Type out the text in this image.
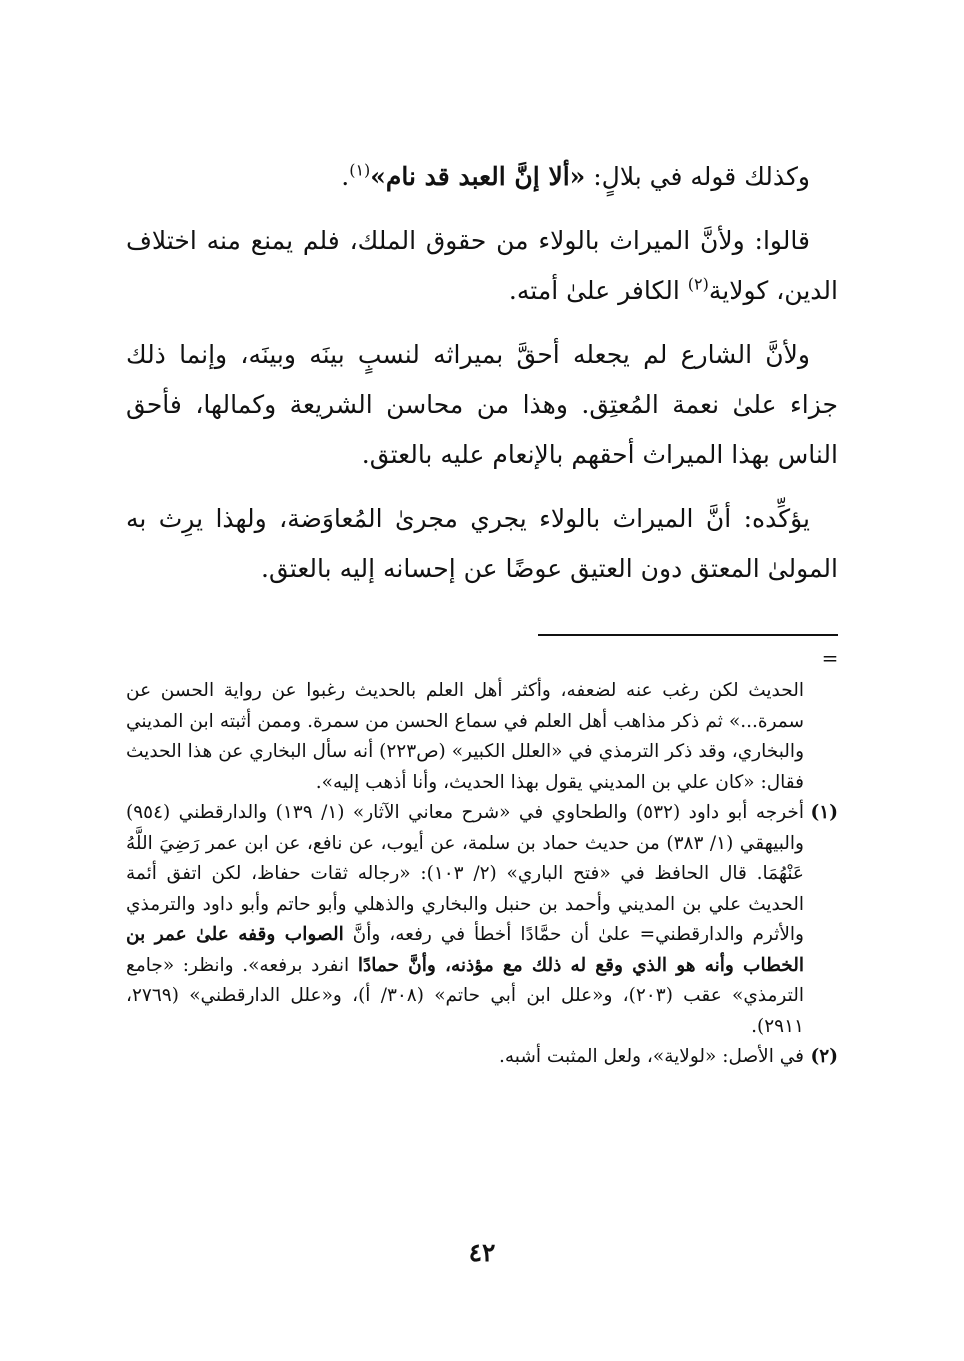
وكذلك قوله في بلالٍ: «ألا إنَّ العبد قد نام»$^{(١)}$.

قالوا: ولأنَّ الميراث بالولاء من حقوق الملك، فلم يمنع منه اختلاف الدين، كولاية$^{(٢)}$ الكافر علىٰ أمته.

ولأنَّ الشارع لم يجعله أحقَّ بميراثه لنسبٍ بينَه وبينَه، وإنما ذلك جزاء علىٰ نعمة المُعتِق. وهذا من محاسن الشريعة وكمالها، فأحق الناس بهذا الميراث أحقهم بالإنعام عليه بالعتق.

يؤكِّده: أنَّ الميراث بالولاء يجري مجرىٰ المُعاوَضة، ولهذا يرِث به المولىٰ المعتق دون العتيق عوضًا عن إحسانه إليه بالعتق.

=

الحديث لكن رغب عنه لضعفه، وأكثر أهل العلم بالحديث رغبوا عن رواية الحسن عن سمرة...» ثم ذكر مذاهب أهل العلم في سماع الحسن من سمرة. وممن أثبته ابن المديني والبخاري، وقد ذكر الترمذي في «العلل الكبير» (ص٢٢٣) أنه سأل البخاري عن هذا الحديث فقال: «كان علي بن المديني يقول بهذا الحديث، وأنا أذهب إليه».

(١)
أخرجه أبو داود (٥٣٢) والطحاوي في «شرح معاني الآثار» (١/ ١٣٩) والدارقطني (٩٥٤) والبيهقي (١/ ٣٨٣) من حديث حماد بن سلمة، عن أيوب، عن نافع، عن ابن عمر رَضِيَ اللَّهُ عَنْهُمَا. قال الحافظ في «فتح الباري» (٢/ ١٠٣): «رجاله ثقات حفاظ، لكن اتفق أئمة الحديث علي بن المديني وأحمد بن حنبل والبخاري والذهلي وأبو حاتم وأبو داود والترمذي والأثرم والدارقطني= علىٰ أن حمَّادًا أخطأ في رفعه، وأنَّ الصواب وقفه علىٰ عمر بن الخطاب وأنه هو الذي وقع له ذلك مع مؤذنه، وأنَّ حمادًا انفرد برفعه». وانظر: «جامع الترمذي» عقب (٢٠٣)، و«علل ابن أبي حاتم» (٣٠٨/ أ)، و«علل الدارقطني» (٢٧٦٩، ٢٩١١).

(٢)
في الأصل: «لولاية»، ولعل المثبت أشبه.

٤٢
